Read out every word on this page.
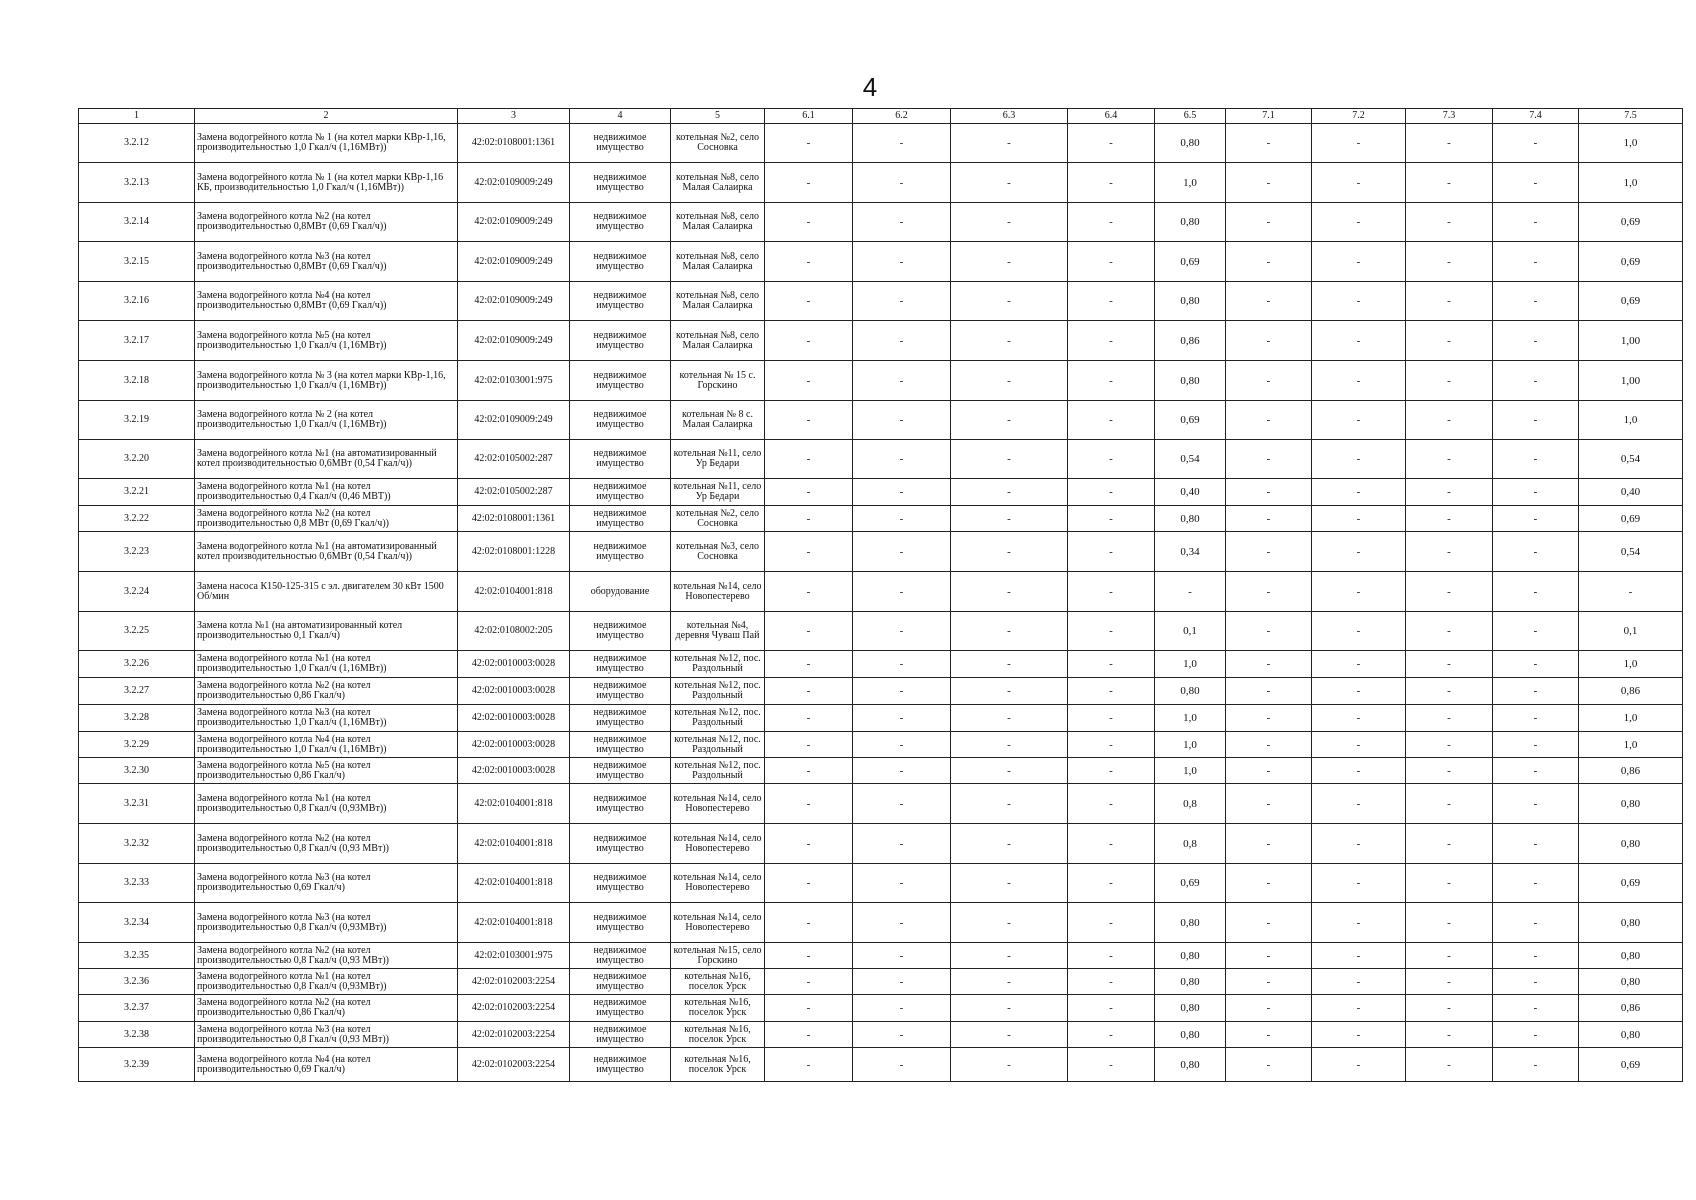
4
1	2	3	4	5	6.1	6.2	6.3	6.4	6.5	7.1	7.2	7.3	7.4	7.5
3.2.12	Замена водогрейного котла № 1 (на котел марки КВр-1,16, производительностью 1,0 Гкал/ч (1,16МВт))	42:02:0108001:1361	недвижимое имущество	котельная №2, село Сосновка	-	-	-	-	0,80	-	-	-	-	1,0
3.2.13	Замена водогрейного котла № 1 (на котел марки КВр-1,16 КБ, производительностью 1,0 Гкал/ч (1,16МВт))	42:02:0109009:249	недвижимое имущество	котельная №8, село Малая Салаирка	-	-	-	-	1,0	-	-	-	-	1,0
3.2.14	Замена водогрейного котла №2 (на котел производительностью 0,8МВт (0,69 Гкал/ч))	42:02:0109009:249	недвижимое имущество	котельная №8, село Малая Салаирка	-	-	-	-	0,80	-	-	-	-	0,69
3.2.15	Замена водогрейного котла №3 (на котел производительностью 0,8МВт (0,69 Гкал/ч))	42:02:0109009:249	недвижимое имущество	котельная №8, село Малая Салаирка	-	-	-	-	0,69	-	-	-	-	0,69
3.2.16	Замена водогрейного котла №4 (на котел производительностью 0,8МВт (0,69 Гкал/ч))	42:02:0109009:249	недвижимое имущество	котельная №8, село Малая Салаирка	-	-	-	-	0,80	-	-	-	-	0,69
3.2.17	Замена водогрейного котла №5 (на котел производительностью 1,0 Гкал/ч (1,16МВт))	42:02:0109009:249	недвижимое имущество	котельная №8, село Малая Салаирка	-	-	-	-	0,86	-	-	-	-	1,00
3.2.18	Замена водогрейного котла № 3 (на котел марки КВр-1,16, производительностью 1,0 Гкал/ч (1,16МВт))	42:02:0103001:975	недвижимое имущество	котельная № 15 с. Горскино	-	-	-	-	0,80	-	-	-	-	1,00
3.2.19	Замена водогрейного котла № 2 (на котел производительностью 1,0 Гкал/ч (1,16МВт))	42:02:0109009:249	недвижимое имущество	котельная № 8 с. Малая Салаирка	-	-	-	-	0,69	-	-	-	-	1,0
3.2.20	Замена водогрейного котла №1 (на автоматизированный котел производительностью 0,6МВт (0,54 Гкал/ч))	42:02:0105002:287	недвижимое имущество	котельная №11, село Ур Бедари	-	-	-	-	0,54	-	-	-	-	0,54
3.2.21	Замена водогрейного котла №1 (на котел производительностью 0,4 Гкал/ч (0,46 МВТ))	42:02:0105002:287	недвижимое имущество	котельная №11, село Ур Бедари	-	-	-	-	0,40	-	-	-	-	0,40
3.2.22	Замена водогрейного котла №2 (на котел производительностью 0,8 МВт (0,69 Гкал/ч))	42:02:0108001:1361	недвижимое имущество	котельная №2, село Сосновка	-	-	-	-	0,80	-	-	-	-	0,69
3.2.23	Замена водогрейного котла №1 (на автоматизированный котел производительностью 0,6МВт (0,54 Гкал/ч))	42:02:0108001:1228	недвижимое имущество	котельная №3, село Сосновка	-	-	-	-	0,34	-	-	-	-	0,54
3.2.24	Замена насоса К150-125-315 с эл. двигателем 30 кВт 1500 Об/мин	42:02:0104001:818	оборудование	котельная №14, село Новопестерево	-	-	-	-	-	-	-	-	-	-
3.2.25	Замена котла №1 (на автоматизированный котел производительностью 0,1 Гкал/ч)	42:02:0108002:205	недвижимое имущество	котельная №4, деревня Чуваш Пай	-	-	-	-	0,1	-	-	-	-	0,1
3.2.26	Замена водогрейного котла №1 (на котел производительностью 1,0 Гкал/ч (1,16МВт))	42:02:0010003:0028	недвижимое имущество	котельная №12, пос. Раздольный	-	-	-	-	1,0	-	-	-	-	1,0
3.2.27	Замена водогрейного котла №2 (на котел производительностью 0,86 Гкал/ч)	42:02:0010003:0028	недвижимое имущество	котельная №12, пос. Раздольный	-	-	-	-	0,80	-	-	-	-	0,86
3.2.28	Замена водогрейного котла №3 (на котел производительностью 1,0 Гкал/ч (1,16МВт))	42:02:0010003:0028	недвижимое имущество	котельная №12, пос. Раздольный	-	-	-	-	1,0	-	-	-	-	1,0
3.2.29	Замена водогрейного котла №4 (на котел производительностью 1,0 Гкал/ч (1,16МВт))	42:02:0010003:0028	недвижимое имущество	котельная №12, пос. Раздольный	-	-	-	-	1,0	-	-	-	-	1,0
3.2.30	Замена водогрейного котла №5 (на котел производительностью 0,86 Гкал/ч)	42:02:0010003:0028	недвижимое имущество	котельная №12, пос. Раздольный	-	-	-	-	1,0	-	-	-	-	0,86
3.2.31	Замена водогрейного котла №1 (на котел производительностью 0,8 Гкал/ч (0,93МВт))	42:02:0104001:818	недвижимое имущество	котельная №14, село Новопестерево	-	-	-	-	0,8	-	-	-	-	0,80
3.2.32	Замена водогрейного котла №2 (на котел производительностью 0,8 Гкал/ч (0,93 МВт))	42:02:0104001:818	недвижимое имущество	котельная №14, село Новопестерево	-	-	-	-	0,8	-	-	-	-	0,80
3.2.33	Замена водогрейного котла №3 (на котел производительностью 0,69 Гкал/ч)	42:02:0104001:818	недвижимое имущество	котельная №14, село Новопестерево	-	-	-	-	0,69	-	-	-	-	0,69
3.2.34	Замена водогрейного котла №3 (на котел производительностью 0,8 Гкал/ч (0,93МВт))	42:02:0104001:818	недвижимое имущество	котельная №14, село Новопестерево	-	-	-	-	0,80	-	-	-	-	0,80
3.2.35	Замена водогрейного котла №2 (на котел производительностью 0,8 Гкал/ч (0,93 МВт))	42:02:0103001:975	недвижимое имущество	котельная №15, село Горскино	-	-	-	-	0,80	-	-	-	-	0,80
3.2.36	Замена водогрейного котла №1 (на котел производительностью 0,8 Гкал/ч (0,93МВт))	42:02:0102003:2254	недвижимое имущество	котельная №16, поселок Урск	-	-	-	-	0,80	-	-	-	-	0,80
3.2.37	Замена водогрейного котла №2 (на котел производительностью 0,86 Гкал/ч)	42:02:0102003:2254	недвижимое имущество	котельная №16, поселок Урск	-	-	-	-	0,80	-	-	-	-	0,86
3.2.38	Замена водогрейного котла №3 (на котел производительностью 0,8 Гкал/ч (0,93 МВт))	42:02:0102003:2254	недвижимое имущество	котельная №16, поселок Урск	-	-	-	-	0,80	-	-	-	-	0,80
3.2.39	Замена водогрейного котла №4 (на котел производительностью 0,69 Гкал/ч)	42:02:0102003:2254	недвижимое имущество	котельная №16, поселок Урск	-	-	-	-	0,80	-	-	-	-	0,69
